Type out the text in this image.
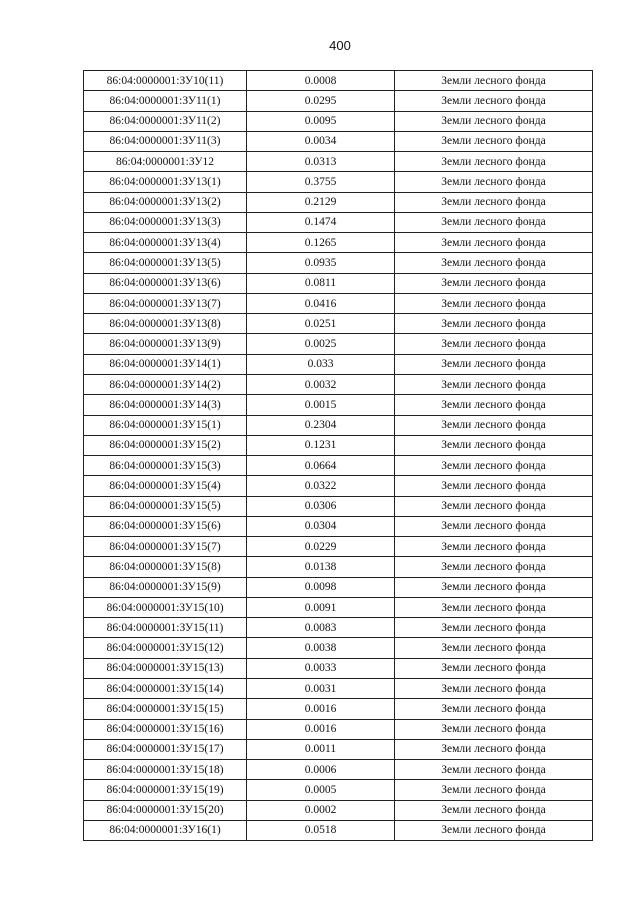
400
86:04:0000001:ЗУ10(11)	0.0008	Земли лесного фонда
86:04:0000001:ЗУ11(1)	0.0295	Земли лесного фонда
86:04:0000001:ЗУ11(2)	0.0095	Земли лесного фонда
86:04:0000001:ЗУ11(3)	0.0034	Земли лесного фонда
86:04:0000001:ЗУ12	0.0313	Земли лесного фонда
86:04:0000001:ЗУ13(1)	0.3755	Земли лесного фонда
86:04:0000001:ЗУ13(2)	0.2129	Земли лесного фонда
86:04:0000001:ЗУ13(3)	0.1474	Земли лесного фонда
86:04:0000001:ЗУ13(4)	0.1265	Земли лесного фонда
86:04:0000001:ЗУ13(5)	0.0935	Земли лесного фонда
86:04:0000001:ЗУ13(6)	0.0811	Земли лесного фонда
86:04:0000001:ЗУ13(7)	0.0416	Земли лесного фонда
86:04:0000001:ЗУ13(8)	0.0251	Земли лесного фонда
86:04:0000001:ЗУ13(9)	0.0025	Земли лесного фонда
86:04:0000001:ЗУ14(1)	0.033	Земли лесного фонда
86:04:0000001:ЗУ14(2)	0.0032	Земли лесного фонда
86:04:0000001:ЗУ14(3)	0.0015	Земли лесного фонда
86:04:0000001:ЗУ15(1)	0.2304	Земли лесного фонда
86:04:0000001:ЗУ15(2)	0.1231	Земли лесного фонда
86:04:0000001:ЗУ15(3)	0.0664	Земли лесного фонда
86:04:0000001:ЗУ15(4)	0.0322	Земли лесного фонда
86:04:0000001:ЗУ15(5)	0.0306	Земли лесного фонда
86:04:0000001:ЗУ15(6)	0.0304	Земли лесного фонда
86:04:0000001:ЗУ15(7)	0.0229	Земли лесного фонда
86:04:0000001:ЗУ15(8)	0.0138	Земли лесного фонда
86:04:0000001:ЗУ15(9)	0.0098	Земли лесного фонда
86:04:0000001:ЗУ15(10)	0.0091	Земли лесного фонда
86:04:0000001:ЗУ15(11)	0.0083	Земли лесного фонда
86:04:0000001:ЗУ15(12)	0.0038	Земли лесного фонда
86:04:0000001:ЗУ15(13)	0.0033	Земли лесного фонда
86:04:0000001:ЗУ15(14)	0.0031	Земли лесного фонда
86:04:0000001:ЗУ15(15)	0.0016	Земли лесного фонда
86:04:0000001:ЗУ15(16)	0.0016	Земли лесного фонда
86:04:0000001:ЗУ15(17)	0.0011	Земли лесного фонда
86:04:0000001:ЗУ15(18)	0.0006	Земли лесного фонда
86:04:0000001:ЗУ15(19)	0.0005	Земли лесного фонда
86:04:0000001:ЗУ15(20)	0.0002	Земли лесного фонда
86:04:0000001:ЗУ16(1)	0.0518	Земли лесного фонда
